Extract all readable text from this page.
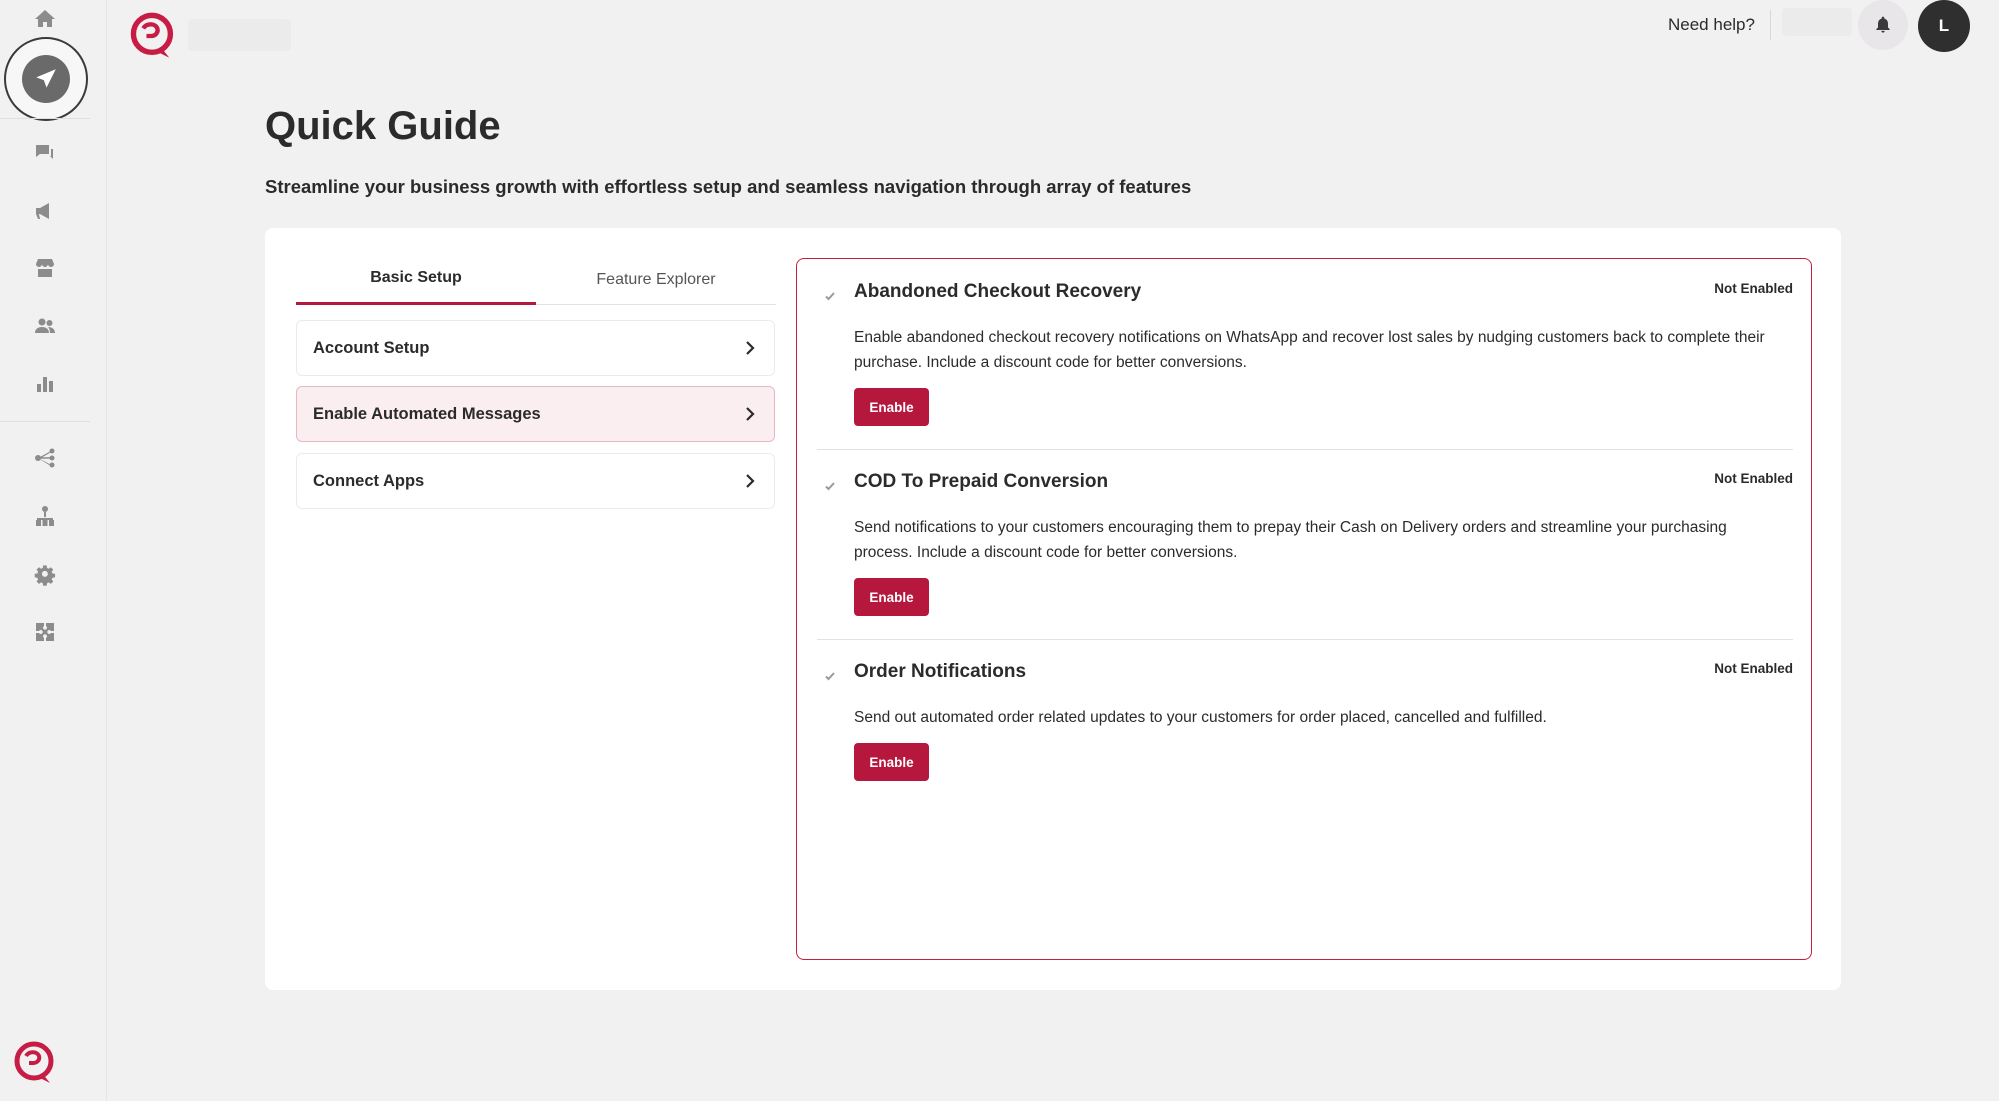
Need help?	L
Quick Guide
Streamline your business growth with effortless setup and seamless navigation through array of features
Basic Setup	Feature Explorer
Account Setup
Enable Automated Messages
Connect Apps
Abandoned Checkout Recovery	Not Enabled
Enable abandoned checkout recovery notifications on WhatsApp and recover lost sales by nudging customers back to complete their purchase. Include a discount code for better conversions.
Enable
COD To Prepaid Conversion	Not Enabled
Send notifications to your customers encouraging them to prepay their Cash on Delivery orders and streamline your purchasing process. Include a discount code for better conversions.
Enable
Order Notifications	Not Enabled
Send out automated order related updates to your customers for order placed, cancelled and fulfilled.
Enable
